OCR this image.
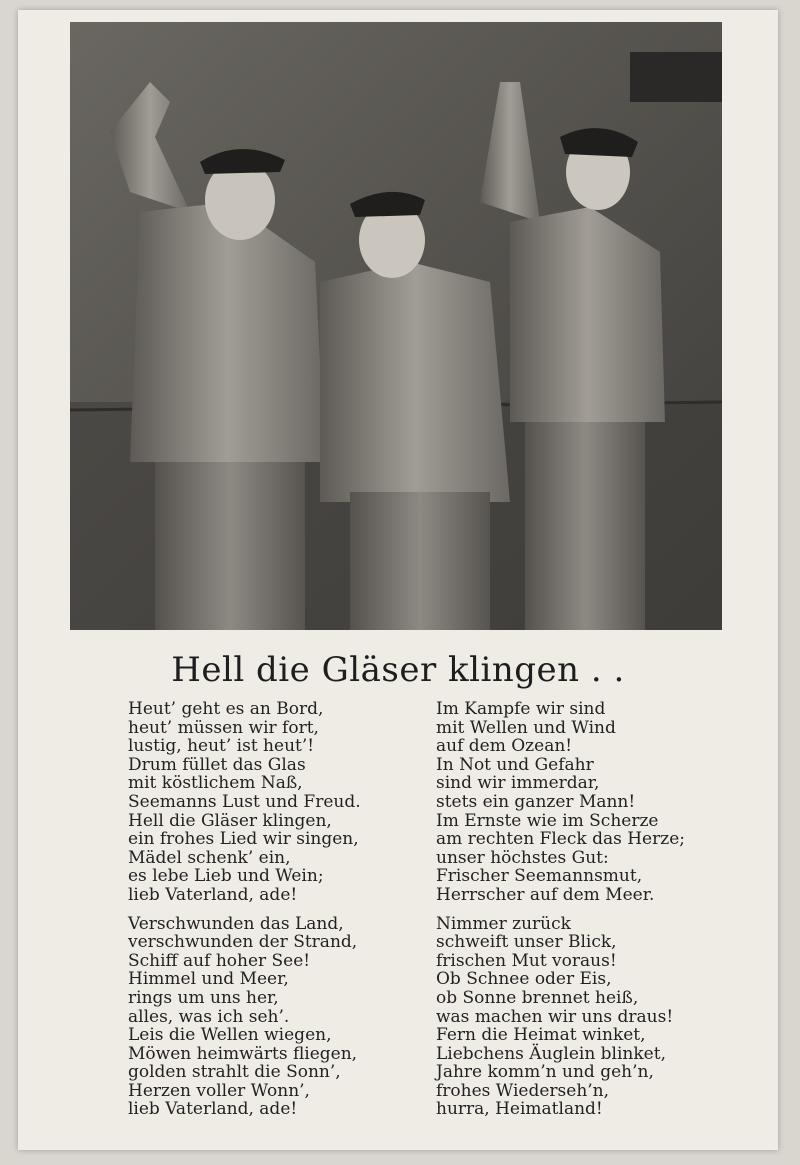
Hell die Gläser klingen . .
Heut’ geht es an Bord,
heut’ müssen wir fort,
lustig, heut’ ist heut’!
Drum füllet das Glas
mit köstlichem Naß,
Seemanns Lust und Freud.
Hell die Gläser klingen,
ein frohes Lied wir singen,
Mädel schenk’ ein,
es lebe Lieb und Wein;
lieb Vaterland, ade!
Verschwunden das Land,
verschwunden der Strand,
Schiff auf hoher See!
Himmel und Meer,
rings um uns her,
alles, was ich seh’.
Leis die Wellen wiegen,
Möwen heimwärts fliegen,
golden strahlt die Sonn’,
Herzen voller Wonn’,
lieb Vaterland, ade!
Im Kampfe wir sind
mit Wellen und Wind
auf dem Ozean!
In Not und Gefahr
sind wir immerdar,
stets ein ganzer Mann!
Im Ernste wie im Scherze
am rechten Fleck das Herze;
unser höchstes Gut:
Frischer Seemannsmut,
Herrscher auf dem Meer.
Nimmer zurück
schweift unser Blick,
frischen Mut voraus!
Ob Schnee oder Eis,
ob Sonne brennet heiß,
was machen wir uns draus!
Fern die Heimat winket,
Liebchens Äuglein blinket,
Jahre komm’n und geh’n,
frohes Wiederseh’n,
hurra, Heimatland!
